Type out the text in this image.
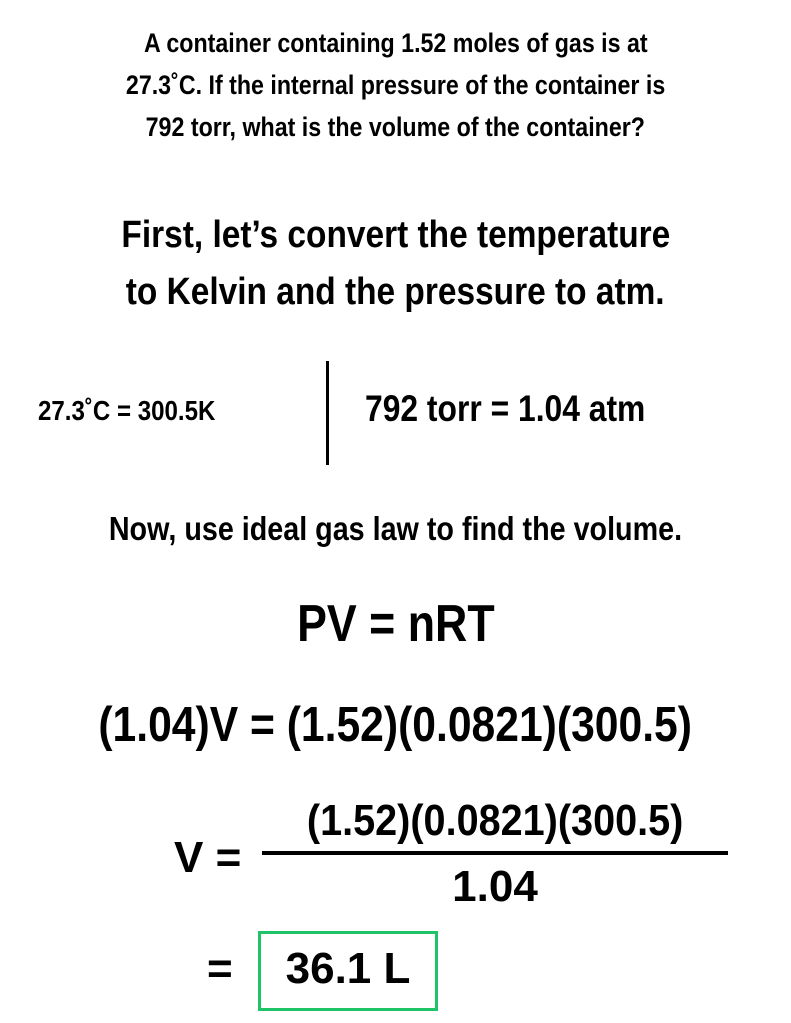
A container containing 1.52 moles of gas is at
27.3˚C. If the internal pressure of the container is
792 torr, what is the volume of the container?
First, let’s convert the temperature
to Kelvin and the pressure to atm.
27.3˚C = 300.5K	792 torr = 1.04 atm
Now, use ideal gas law to find the volume.
PV = nRT
(1.04)V = (1.52)(0.0821)(300.5)
V =
(1.52)(0.0821)(300.5)
1.04
=	36.1 L
